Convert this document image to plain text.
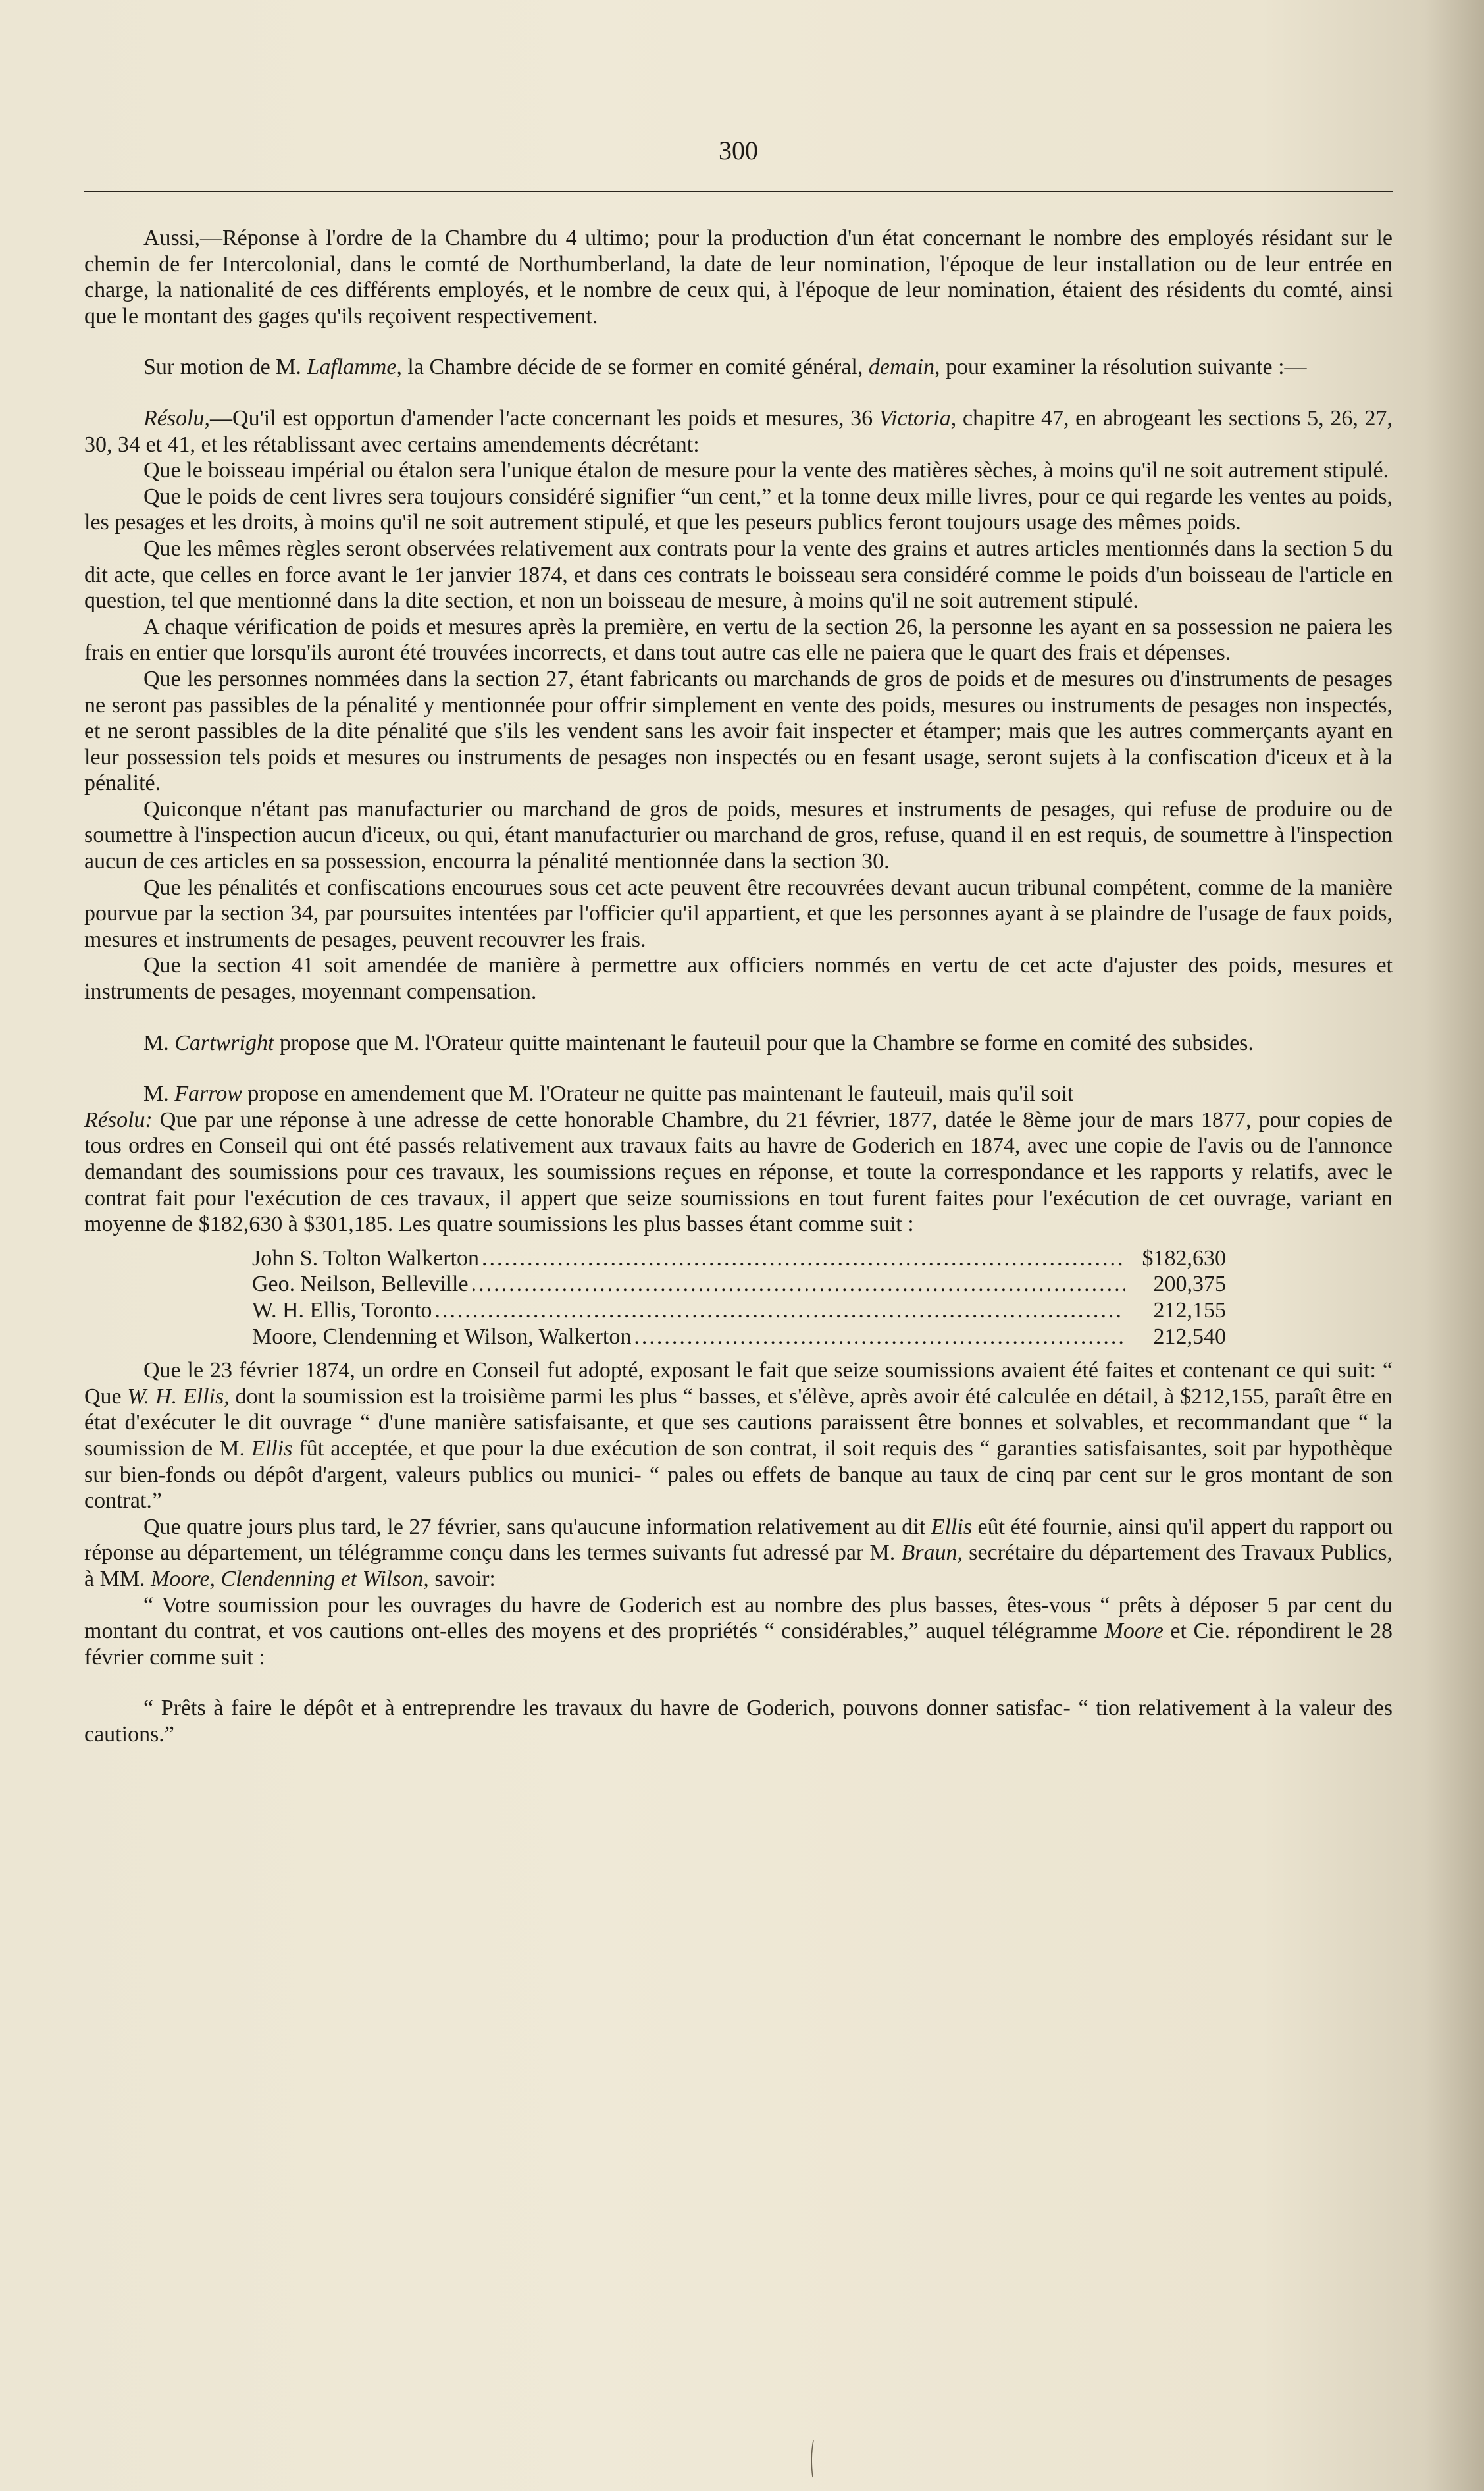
300

Aussi,—Réponse à l'ordre de la Chambre du 4 ultimo; pour la production d'un état concernant le nombre des employés résidant sur le chemin de fer Intercolonial, dans le comté de Northumberland, la date de leur nomination, l'époque de leur installation ou de leur entrée en charge, la nationalité de ces différents employés, et le nombre de ceux qui, à l'époque de leur nomination, étaient des résidents du comté, ainsi que le montant des gages qu'ils reçoivent respectivement.

Sur motion de M. Laflamme, la Chambre décide de se former en comité général, demain, pour examiner la résolution suivante :—

Résolu,—Qu'il est opportun d'amender l'acte concernant les poids et mesures, 36 Victoria, chapitre 47, en abrogeant les sections 5, 26, 27, 30, 34 et 41, et les rétablissant avec certains amendements décrétant:

Que le boisseau impérial ou étalon sera l'unique étalon de mesure pour la vente des matières sèches, à moins qu'il ne soit autrement stipulé.

Que le poids de cent livres sera toujours considéré signifier “un cent,” et la tonne deux mille livres, pour ce qui regarde les ventes au poids, les pesages et les droits, à moins qu'il ne soit autrement stipulé, et que les peseurs publics feront toujours usage des mêmes poids.

Que les mêmes règles seront observées relativement aux contrats pour la vente des grains et autres articles mentionnés dans la section 5 du dit acte, que celles en force avant le 1er janvier 1874, et dans ces contrats le boisseau sera considéré comme le poids d'un boisseau de l'article en question, tel que mentionné dans la dite section, et non un boisseau de mesure, à moins qu'il ne soit autrement stipulé.

A chaque vérification de poids et mesures après la première, en vertu de la section 26, la personne les ayant en sa possession ne paiera les frais en entier que lorsqu'ils auront été trouvées incorrects, et dans tout autre cas elle ne paiera que le quart des frais et dépenses.

Que les personnes nommées dans la section 27, étant fabricants ou marchands de gros de poids et de mesures ou d'instruments de pesages ne seront pas passibles de la pénalité y mentionnée pour offrir simplement en vente des poids, mesures ou instruments de pesages non inspectés, et ne seront passibles de la dite pénalité que s'ils les vendent sans les avoir fait inspecter et étamper; mais que les autres commerçants ayant en leur possession tels poids et mesures ou instruments de pesages non inspectés ou en fesant usage, seront sujets à la confiscation d'iceux et à la pénalité.

Quiconque n'étant pas manufacturier ou marchand de gros de poids, mesures et instruments de pesages, qui refuse de produire ou de soumettre à l'inspection aucun d'iceux, ou qui, étant manufacturier ou marchand de gros, refuse, quand il en est requis, de soumettre à l'inspection aucun de ces articles en sa possession, encourra la pénalité mentionnée dans la section 30.

Que les pénalités et confiscations encourues sous cet acte peuvent être recouvrées devant aucun tribunal compétent, comme de la manière pourvue par la section 34, par poursuites intentées par l'officier qu'il appartient, et que les personnes ayant à se plaindre de l'usage de faux poids, mesures et instruments de pesages, peuvent recouvrer les frais.

Que la section 41 soit amendée de manière à permettre aux officiers nommés en vertu de cet acte d'ajuster des poids, mesures et instruments de pesages, moyennant compensation.

M. Cartwright propose que M. l'Orateur quitte maintenant le fauteuil pour que la Chambre se forme en comité des subsides.

M. Farrow propose en amendement que M. l'Orateur ne quitte pas maintenant le fauteuil, mais qu'il soit

Résolu: Que par une réponse à une adresse de cette honorable Chambre, du 21 février, 1877, datée le 8ème jour de mars 1877, pour copies de tous ordres en Conseil qui ont été passés relativement aux travaux faits au havre de Goderich en 1874, avec une copie de l'avis ou de l'annonce demandant des soumissions pour ces travaux, les soumissions reçues en réponse, et toute la correspondance et les rapports y relatifs, avec le contrat fait pour l'exécution de ces travaux, il appert que seize soumissions en tout furent faites pour l'exécution de cet ouvrage, variant en moyenne de $182,630 à $301,185. Les quatre soumissions les plus basses étant comme suit :

John S. Tolton Walkerton .....	$182,630
Geo. Neilson, Belleville .....	200,375
W. H. Ellis, Toronto .....	212,155
Moore, Clendenning et Wilson, Walkerton .....	212,540

Que le 23 février 1874, un ordre en Conseil fut adopté, exposant le fait que seize soumissions avaient été faites et contenant ce qui suit: “ Que W. H. Ellis, dont la soumission est la troisième parmi les plus “ basses, et s'élève, après avoir été calculée en détail, à $212,155, paraît être en état d'exécuter le dit ouvrage “ d'une manière satisfaisante, et que ses cautions paraissent être bonnes et solvables, et recommandant que “ la soumission de M. Ellis fût acceptée, et que pour la due exécution de son contrat, il soit requis des “ garanties satisfaisantes, soit par hypothèque sur bien-fonds ou dépôt d'argent, valeurs publics ou munici- “ pales ou effets de banque au taux de cinq par cent sur le gros montant de son contrat.”

Que quatre jours plus tard, le 27 février, sans qu'aucune information relativement au dit Ellis eût été fournie, ainsi qu'il appert du rapport ou réponse au département, un télégramme conçu dans les termes suivants fut adressé par M. Braun, secrétaire du département des Travaux Publics, à MM. Moore, Clendenning et Wilson, savoir:

“ Votre soumission pour les ouvrages du havre de Goderich est au nombre des plus basses, êtes-vous “ prêts à déposer 5 par cent du montant du contrat, et vos cautions ont-elles des moyens et des propriétés “ considérables,” auquel télégramme Moore et Cie. répondirent le 28 février comme suit :

“ Prêts à faire le dépôt et à entreprendre les travaux du havre de Goderich, pouvons donner satisfac- “ tion relativement à la valeur des cautions.”
